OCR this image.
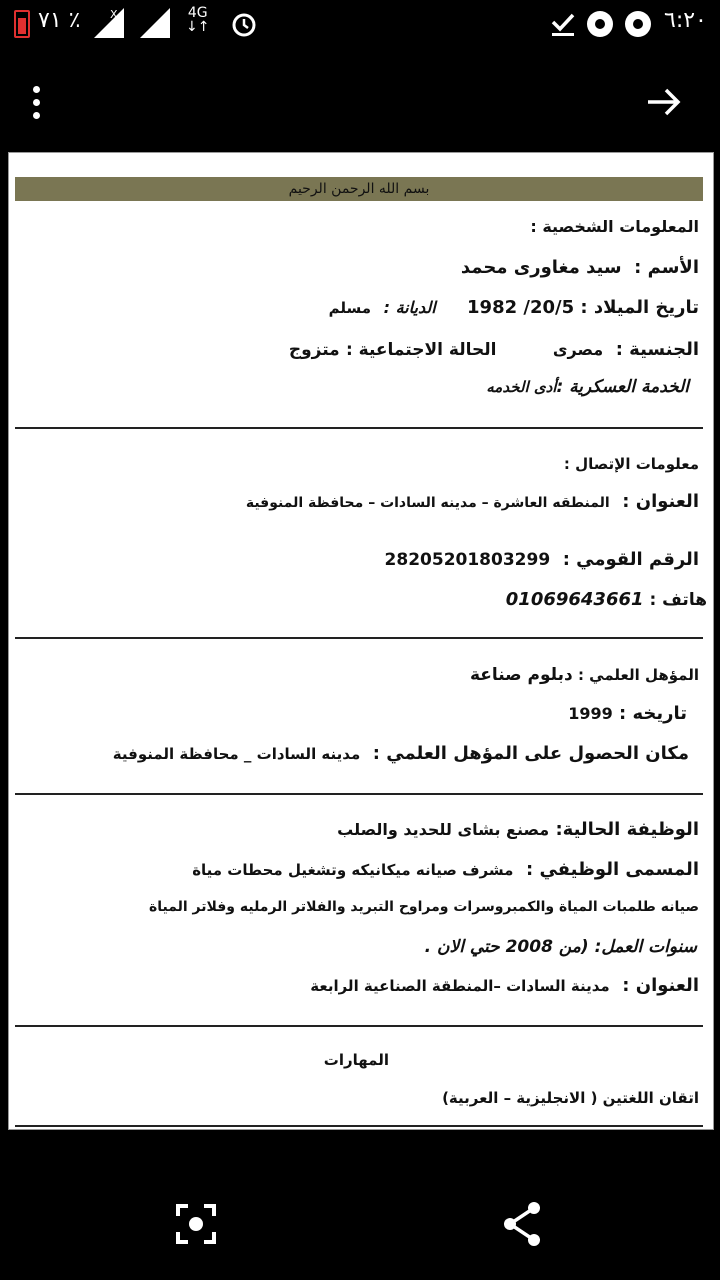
٧١ ٪	X	4G
↓↑	٦:٢٠
بسم الله الرحمن الرحيم
المعلومات الشخصية :
الأسم :  سيد مغاورى محمد
تاريخ الميلاد : 20/5/ 1982     الديانة :  مسلم
الجنسية :  مصرى         الحالة الاجتماعية : متزوج
الخدمة العسكرية :أدى الخدمه
معلومات الإتصال :
العنوان :  المنطقه العاشرة – مدينه السادات – محافظة المنوفية
الرقم القومي :  28205201803299
هاتف : 01069643661
المؤهل العلمي : دبلوم صناعة
تاريخه : 1999
مكان الحصول على المؤهل العلمي :  مدينه السادات _ محافظة المنوفية
الوظيفة الحالية: مصنع بشاى للحديد والصلب
المسمى الوظيفي :  مشرف صيانه ميكانيكه وتشغيل محطات مياة
صيانه طلمبات المياة والكمبروسرات ومراوح التبريد والفلاتر الرمليه وفلاتر المياة
سنوات العمل: (من 2008 حتي الان .
العنوان :  مدينة السادات –المنطقة الصناعية الرابعة
المهارات
اتقان اللغتين ( الانجليزية – العربية)
